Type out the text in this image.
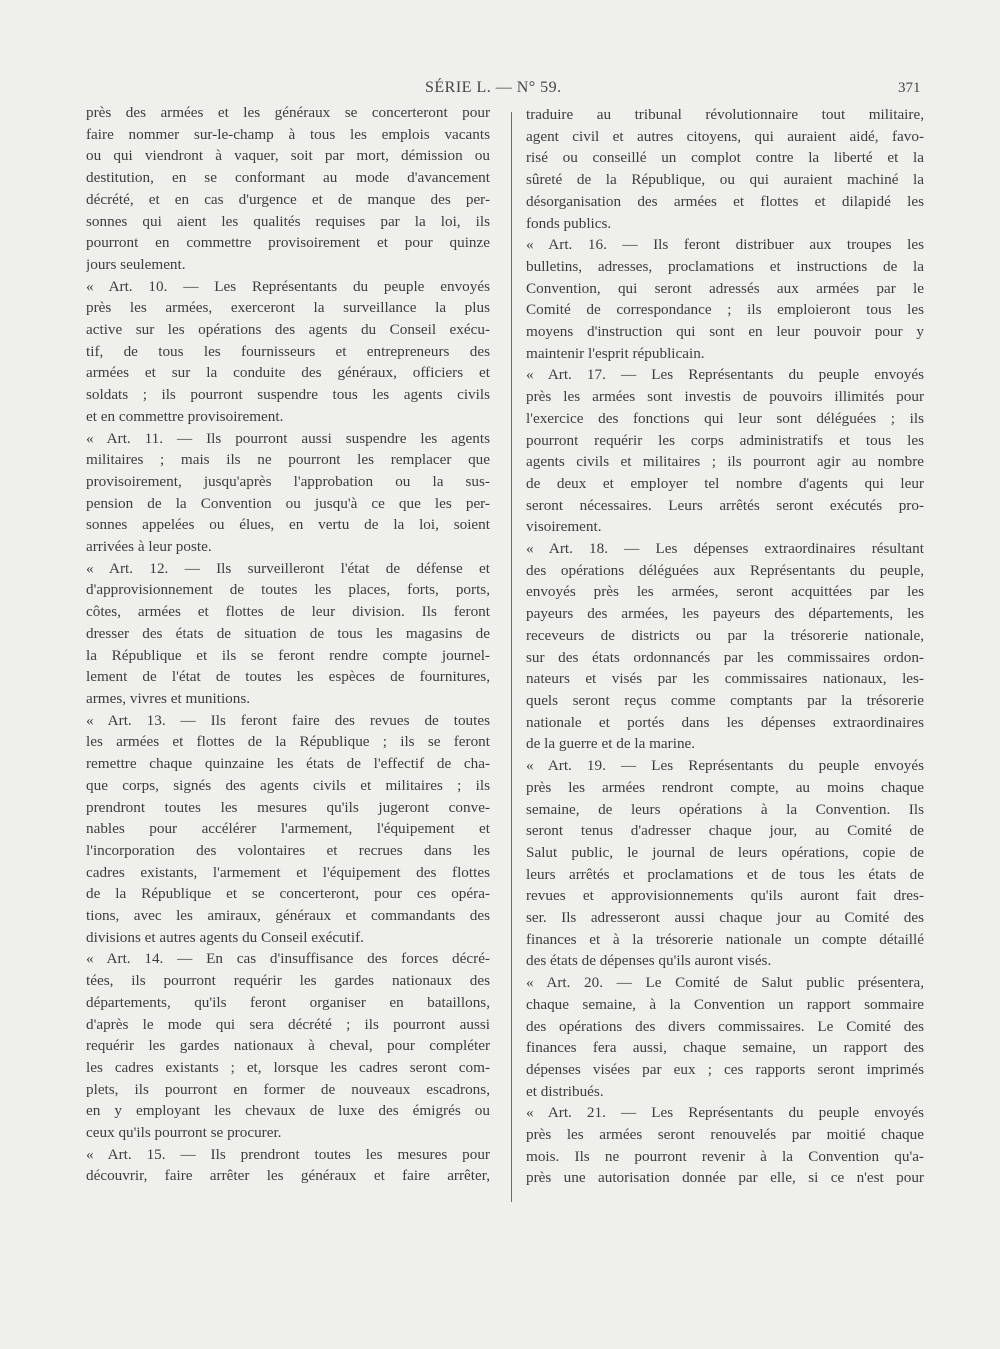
SÉRIE L. — N° 59.	371
près des armées et les généraux se concerteront pour
faire nommer sur-le-champ à tous les emplois vacants
ou qui viendront à vaquer, soit par mort, démission ou
destitution, en se conformant au mode d'avancement
décrété, et en cas d'urgence et de manque des per-
sonnes qui aient les qualités requises par la loi, ils
pourront en commettre provisoirement et pour quinze
jours seulement.
« Art. 10. — Les Représentants du peuple envoyés
près les armées, exerceront la surveillance la plus
active sur les opérations des agents du Conseil exécu-
tif, de tous les fournisseurs et entrepreneurs des
armées et sur la conduite des généraux, officiers et
soldats ; ils pourront suspendre tous les agents civils
et en commettre provisoirement.
« Art. 11. — Ils pourront aussi suspendre les agents
militaires ; mais ils ne pourront les remplacer que
provisoirement, jusqu'après l'approbation ou la sus-
pension de la Convention ou jusqu'à ce que les per-
sonnes appelées ou élues, en vertu de la loi, soient
arrivées à leur poste.
« Art. 12. — Ils surveilleront l'état de défense et
d'approvisionnement de toutes les places, forts, ports,
côtes, armées et flottes de leur division. Ils feront
dresser des états de situation de tous les magasins de
la République et ils se feront rendre compte journel-
lement de l'état de toutes les espèces de fournitures,
armes, vivres et munitions.
« Art. 13. — Ils feront faire des revues de toutes
les armées et flottes de la République ; ils se feront
remettre chaque quinzaine les états de l'effectif de cha-
que corps, signés des agents civils et militaires ; ils
prendront toutes les mesures qu'ils jugeront conve-
nables pour accélérer l'armement, l'équipement et
l'incorporation des volontaires et recrues dans les
cadres existants, l'armement et l'équipement des flottes
de la République et se concerteront, pour ces opéra-
tions, avec les amiraux, généraux et commandants des
divisions et autres agents du Conseil exécutif.
« Art. 14. — En cas d'insuffisance des forces décré-
tées, ils pourront requérir les gardes nationaux des
départements, qu'ils feront organiser en bataillons,
d'après le mode qui sera décrété ; ils pourront aussi
requérir les gardes nationaux à cheval, pour compléter
les cadres existants ; et, lorsque les cadres seront com-
plets, ils pourront en former de nouveaux escadrons,
en y employant les chevaux de luxe des émigrés ou
ceux qu'ils pourront se procurer.
« Art. 15. — Ils prendront toutes les mesures pour
découvrir, faire arrêter les généraux et faire arrêter,
traduire au tribunal révolutionnaire tout militaire,
agent civil et autres citoyens, qui auraient aidé, favo-
risé ou conseillé un complot contre la liberté et la
sûreté de la République, ou qui auraient machiné la
désorganisation des armées et flottes et dilapidé les
fonds publics.
« Art. 16. — Ils feront distribuer aux troupes les
bulletins, adresses, proclamations et instructions de la
Convention, qui seront adressés aux armées par le
Comité de correspondance ; ils emploieront tous les
moyens d'instruction qui sont en leur pouvoir pour y
maintenir l'esprit républicain.
« Art. 17. — Les Représentants du peuple envoyés
près les armées sont investis de pouvoirs illimités pour
l'exercice des fonctions qui leur sont déléguées ; ils
pourront requérir les corps administratifs et tous les
agents civils et militaires ; ils pourront agir au nombre
de deux et employer tel nombre d'agents qui leur
seront nécessaires. Leurs arrêtés seront exécutés pro-
visoirement.
« Art. 18. — Les dépenses extraordinaires résultant
des opérations déléguées aux Représentants du peuple,
envoyés près les armées, seront acquittées par les
payeurs des armées, les payeurs des départements, les
receveurs de districts ou par la trésorerie nationale,
sur des états ordonnancés par les commissaires ordon-
nateurs et visés par les commissaires nationaux, les-
quels seront reçus comme comptants par la trésorerie
nationale et portés dans les dépenses extraordinaires
de la guerre et de la marine.
« Art. 19. — Les Représentants du peuple envoyés
près les armées rendront compte, au moins chaque
semaine, de leurs opérations à la Convention. Ils
seront tenus d'adresser chaque jour, au Comité de
Salut public, le journal de leurs opérations, copie de
leurs arrêtés et proclamations et de tous les états de
revues et approvisionnements qu'ils auront fait dres-
ser. Ils adresseront aussi chaque jour au Comité des
finances et à la trésorerie nationale un compte détaillé
des états de dépenses qu'ils auront visés.
« Art. 20. — Le Comité de Salut public présentera,
chaque semaine, à la Convention un rapport sommaire
des opérations des divers commissaires. Le Comité des
finances fera aussi, chaque semaine, un rapport des
dépenses visées par eux ; ces rapports seront imprimés
et distribués.
« Art. 21. — Les Représentants du peuple envoyés
près les armées seront renouvelés par moitié chaque
mois. Ils ne pourront revenir à la Convention qu'a-
près une autorisation donnée par elle, si ce n'est pour
